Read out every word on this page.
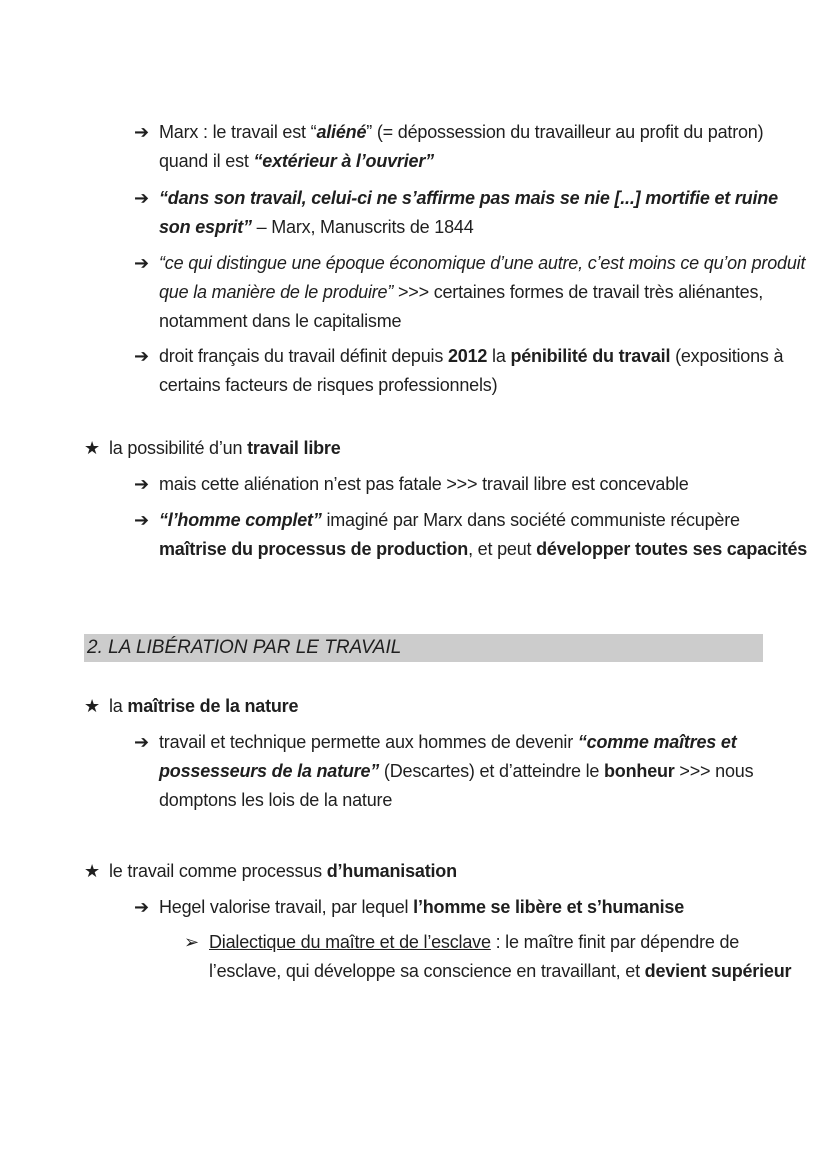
➔ Marx : le travail est “aliéné” (= dépossession du travailleur au profit du patron) quand il est “extérieur à l’ouvrier”
➔ “dans son travail, celui-ci ne s’affirme pas mais se nie [...] mortifie et ruine son esprit” – Marx, Manuscrits de 1844
➔ “ce qui distingue une époque économique d’une autre, c’est moins ce qu’on produit que la manière de le produire” >>> certaines formes de travail très aliénantes, notamment dans le capitalisme
➔ droit français du travail définit depuis 2012 la pénibilité du travail (expositions à certains facteurs de risques professionnels)
★ la possibilité d’un travail libre
➔ mais cette aliénation n’est pas fatale >>> travail libre est concevable
➔ “l’homme complet” imaginé par Marx dans société communiste récupère maîtrise du processus de production, et peut développer toutes ses capacités
2. LA LIBÉRATION PAR LE TRAVAIL
★ la maîtrise de la nature
➔ travail et technique permette aux hommes de devenir “comme maîtres et possesseurs de la nature” (Descartes) et d’atteindre le bonheur >>> nous domptons les lois de la nature
★ le travail comme processus d’humanisation
➔ Hegel valorise travail, par lequel l’homme se libère et s’humanise
➢ Dialectique du maître et de l’esclave : le maître finit par dépendre de l’esclave, qui développe sa conscience en travaillant, et devient supérieur
